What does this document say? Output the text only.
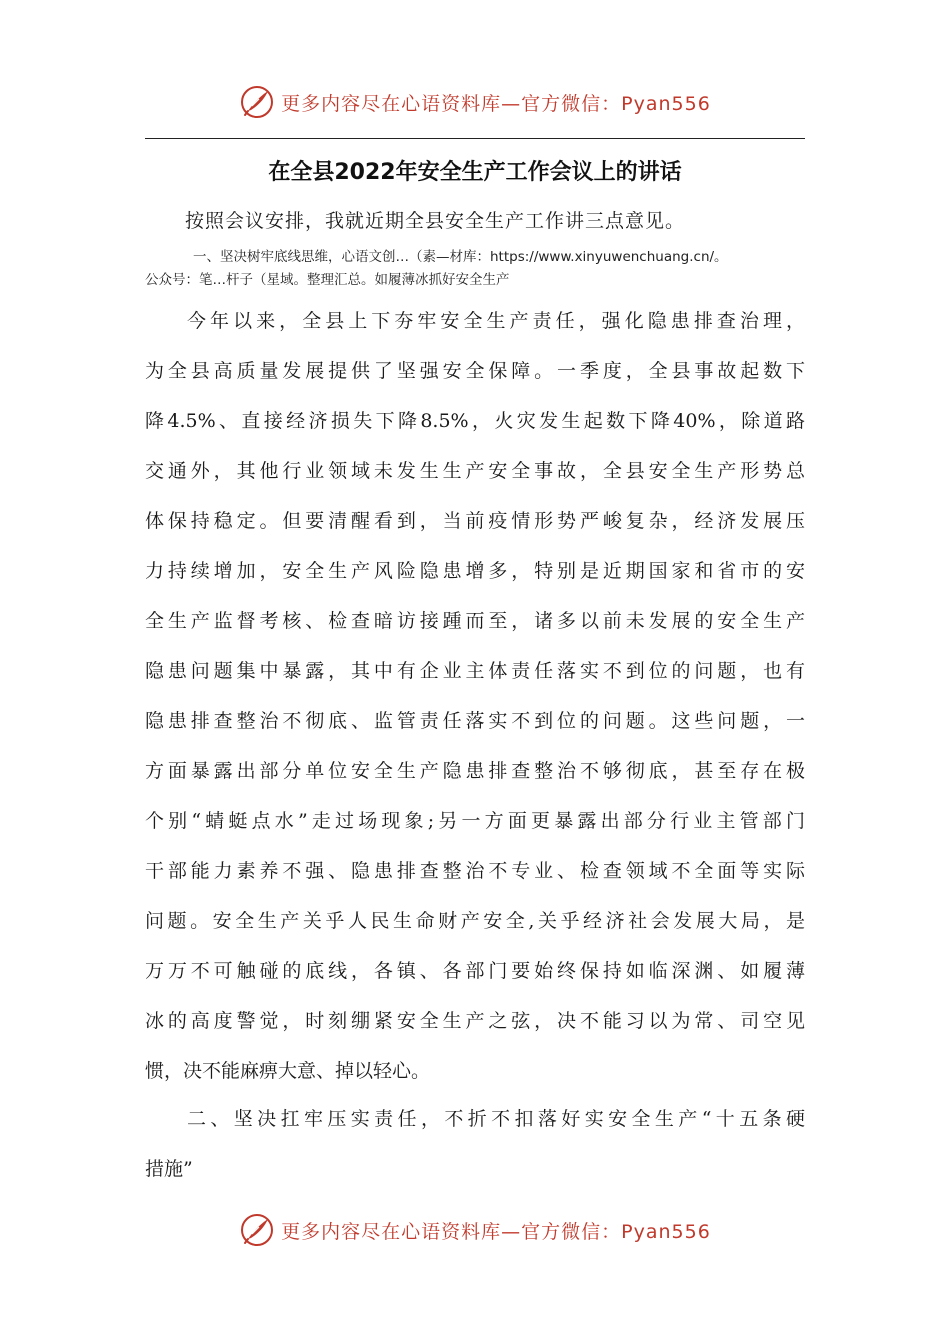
更多内容尽在心语资料库—官方微信：Pyan556
在全县2022年安全生产工作会议上的讲话
按照会议安排，我就近期全县安全生产工作讲三点意见。
一、坚决树牢底线思维，心语文创…（素—材库：https://www.xinyuwenchuang.cn/。
公众号：笔…杆子（星域。整理汇总。如履薄冰抓好安全生产
今年以来，全县上下夯牢安全生产责任，强化隐患排查治理，
为全县高质量发展提供了坚强安全保障。一季度，全县事故起数下
降4.5%、直接经济损失下降8.5%，火灾发生起数下降40%，除道路
交通外，其他行业领域未发生生产安全事故，全县安全生产形势总
体保持稳定。但要清醒看到，当前疫情形势严峻复杂，经济发展压
力持续增加，安全生产风险隐患增多，特别是近期国家和省市的安
全生产监督考核、检查暗访接踵而至，诸多以前未发展的安全生产
隐患问题集中暴露，其中有企业主体责任落实不到位的问题，也有
隐患排查整治不彻底、监管责任落实不到位的问题。这些问题，一
方面暴露出部分单位安全生产隐患排查整治不够彻底，甚至存在极
个别“蜻蜓点水”走过场现象;另一方面更暴露出部分行业主管部门
干部能力素养不强、隐患排查整治不专业、检查领域不全面等实际
问题。安全生产关乎人民生命财产安全,关乎经济社会发展大局，是
万万不可触碰的底线，各镇、各部门要始终保持如临深渊、如履薄
冰的高度警觉，时刻绷紧安全生产之弦，决不能习以为常、司空见
惯，决不能麻痹大意、掉以轻心。
二、坚决扛牢压实责任，不折不扣落好实安全生产“十五条硬
措施”
更多内容尽在心语资料库—官方微信：Pyan556
